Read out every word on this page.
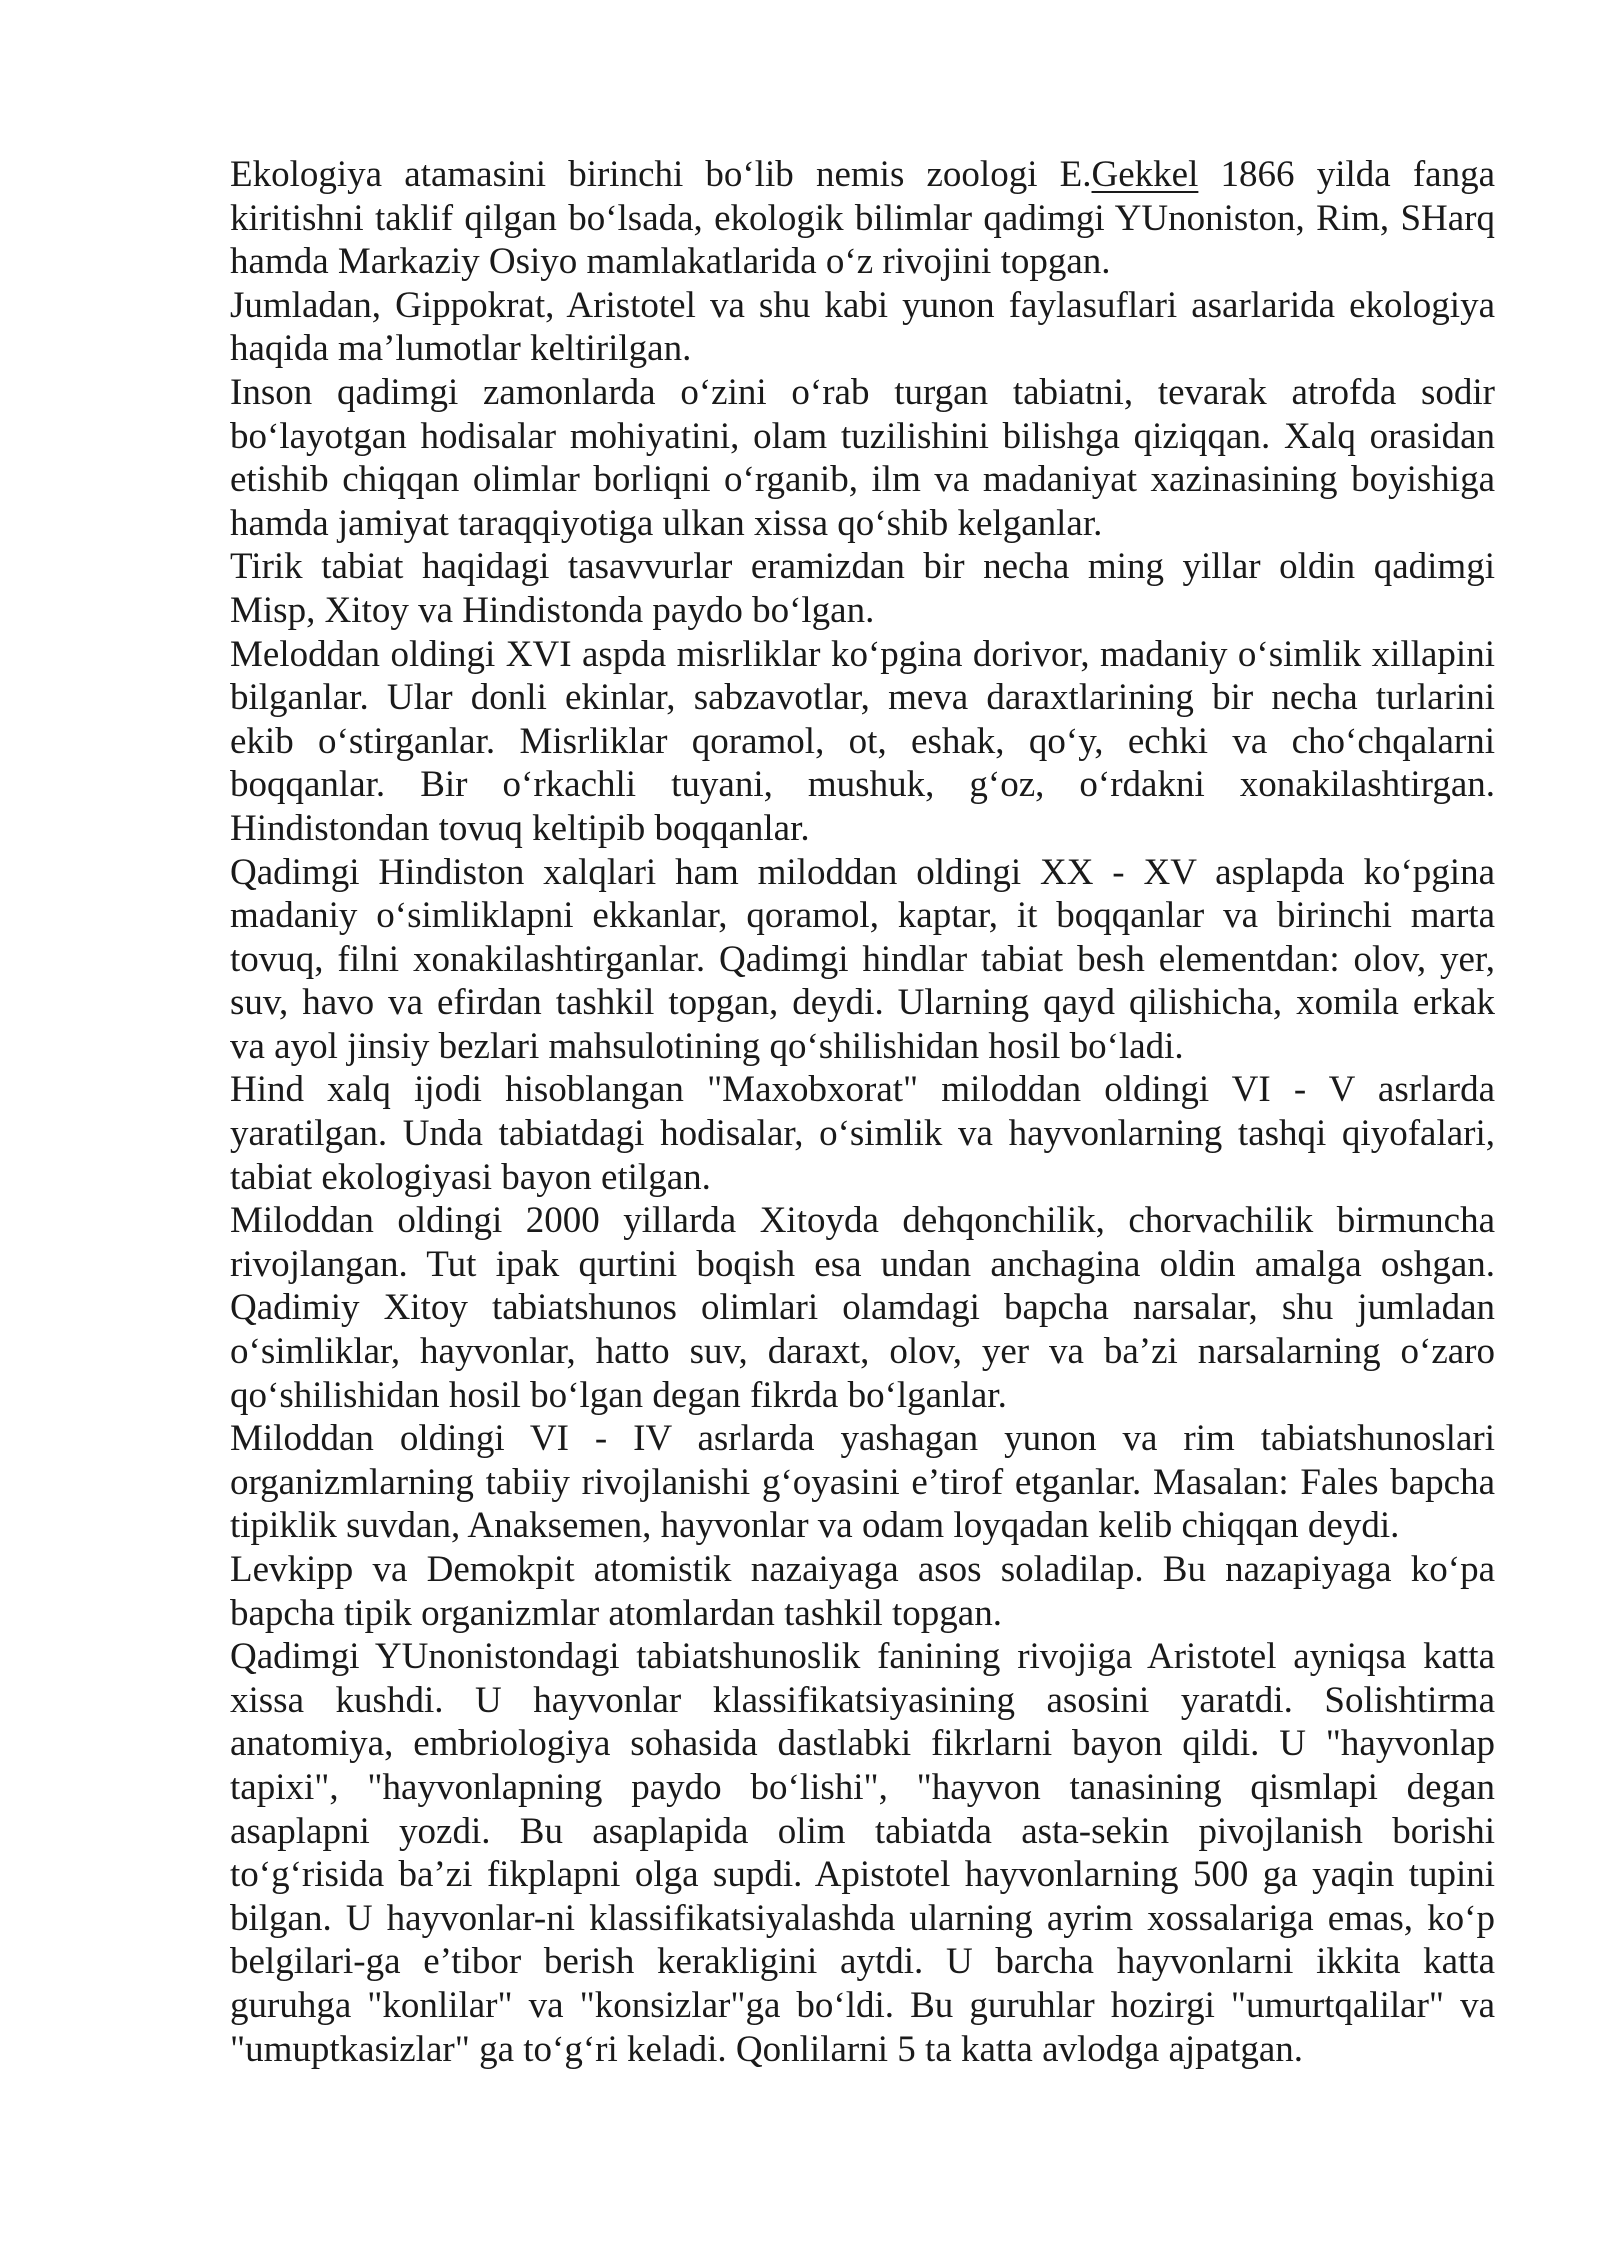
Ekologiya atamasini birinchi bo‘lib nemis zoologi E.Gekkel 1866 yilda fanga
kiritishni taklif qilgan bo‘lsada, ekologik bilimlar qadimgi YUnoniston, Rim, SHarq
hamda Markaziy Osiyo mamlakatlarida o‘z rivojini topgan.
Jumladan, Gippokrat, Aristotel va shu kabi yunon faylasuflari asarlarida ekologiya
haqida ma’lumotlar keltirilgan.
Inson qadimgi zamonlarda o‘zini o‘rab turgan tabiatni, tevarak atrofda sodir
bo‘layotgan hodisalar mohiyatini, olam tuzilishini bilishga qiziqqan. Xalq orasidan
etishib chiqqan olimlar borliqni o‘rganib, ilm va madaniyat xazinasining boyishiga
hamda jamiyat taraqqiyotiga ulkan xissa qo‘shib kelganlar.
Tirik tabiat haqidagi tasavvurlar eramizdan bir necha ming yillar oldin qadimgi
Misp, Xitoy va Hindistonda paydo bo‘lgan.
Meloddan oldingi XVI aspda misrliklar ko‘pgina dorivor, madaniy o‘simlik xillapini
bilganlar. Ular donli ekinlar, sabzavotlar, meva daraxtlarining bir necha turlarini
ekib o‘stirganlar. Misrliklar qoramol, ot, eshak, qo‘y, echki va cho‘chqalarni
boqqanlar. Bir o‘rkachli tuyani, mushuk, g‘oz, o‘rdakni xonakilashtirgan.
Hindistondan tovuq keltipib boqqanlar.
Qadimgi Hindiston xalqlari ham miloddan oldingi XX - XV asplapda ko‘pgina
madaniy o‘simliklapni ekkanlar, qoramol, kaptar, it boqqanlar va birinchi marta
tovuq, filni xonakilashtirganlar. Qadimgi hindlar tabiat besh elementdan: olov, yer,
suv, havo va efirdan tashkil topgan, deydi. Ularning qayd qilishicha, xomila erkak
va ayol jinsiy bezlari mahsulotining qo‘shilishidan hosil bo‘ladi.
Hind xalq ijodi hisoblangan "Maxobxorat" miloddan oldingi VI - V asrlarda
yaratilgan. Unda tabiatdagi hodisalar, o‘simlik va hayvonlarning tashqi qiyofalari,
tabiat ekologiyasi bayon etilgan.
Miloddan oldingi 2000 yillarda Xitoyda dehqonchilik, chorvachilik birmuncha
rivojlangan. Tut ipak qurtini boqish esa undan anchagina oldin amalga oshgan.
Qadimiy Xitoy tabiatshunos olimlari olamdagi bapcha narsalar, shu jumladan
o‘simliklar, hayvonlar, hatto suv, daraxt, olov, yer va ba’zi narsalarning o‘zaro
qo‘shilishidan hosil bo‘lgan degan fikrda bo‘lganlar.
Miloddan oldingi VI - IV asrlarda yashagan yunon va rim tabiatshunoslari
organizmlarning tabiiy rivojlanishi g‘oyasini e’tirof etganlar. Masalan: Fales bapcha
tipiklik suvdan, Anaksemen, hayvonlar va odam loyqadan kelib chiqqan deydi.
Levkipp va Demokpit atomistik nazaiyaga asos soladilap. Bu nazapiyaga ko‘pa
bapcha tipik organizmlar atomlardan tashkil topgan.
Qadimgi YUnonistondagi tabiatshunoslik fanining rivojiga Aristotel ayniqsa katta
xissa kushdi. U hayvonlar klassifikatsiyasining asosini yaratdi. Solishtirma
anatomiya, embriologiya sohasida dastlabki fikrlarni bayon qildi. U "hayvonlap
tapixi", "hayvonlapning paydo bo‘lishi", "hayvon tanasining qismlapi degan
asaplapni yozdi. Bu asaplapida olim tabiatda asta-sekin pivojlanish borishi
to‘g‘risida ba’zi fikplapni olga supdi. Apistotel hayvonlarning 500 ga yaqin tupini
bilgan. U hayvonlar-ni klassifikatsiyalashda ularning ayrim xossalariga emas, ko‘p
belgilari-ga e’tibor berish kerakligini aytdi. U barcha hayvonlarni ikkita katta
guruhga "konlilar" va "konsizlar"ga bo‘ldi. Bu guruhlar hozirgi "umurtqalilar" va
"umuptkasizlar" ga to‘g‘ri keladi. Qonlilarni 5 ta katta avlodga ajpatgan.
